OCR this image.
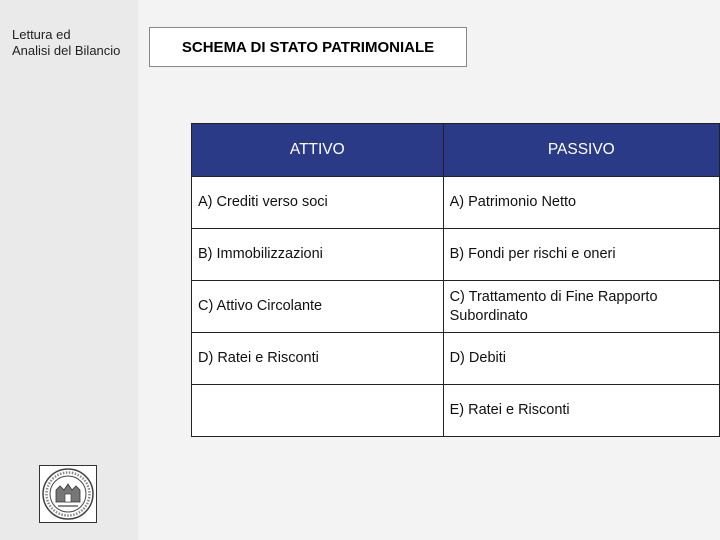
Lettura ed
Analisi del Bilancio	SCHEMA DI STATO PATRIMONIALE
ATTIVO	PASSIVO
A) Crediti verso soci	A) Patrimonio Netto
B) Immobilizzazioni	B) Fondi per rischi e oneri
C) Attivo Circolante	C) Trattamento di Fine Rapporto Subordinato
D) Ratei e Risconti	D) Debiti
	E) Ratei e Risconti
